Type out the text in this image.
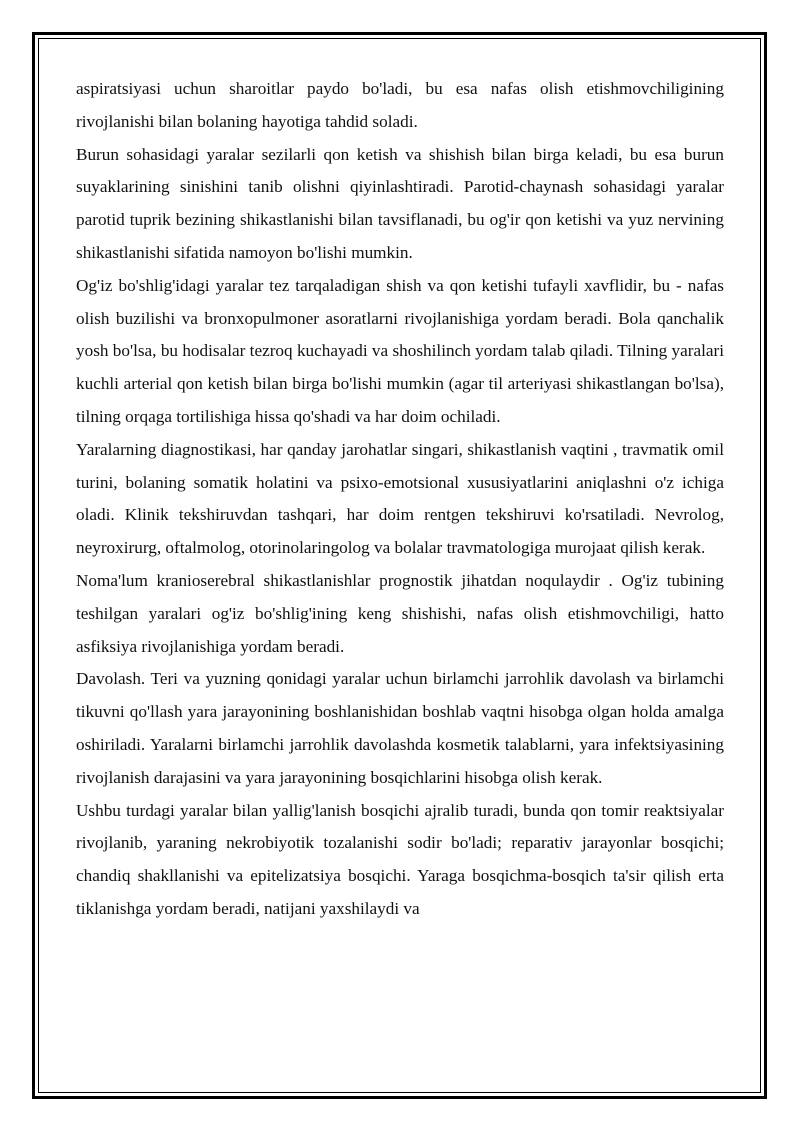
aspiratsiyasi uchun sharoitlar paydo bo'ladi, bu esa nafas olish etishmovchiligining rivojlanishi bilan bolaning hayotiga tahdid soladi.

Burun sohasidagi yaralar sezilarli qon ketish va shishish bilan birga keladi, bu esa burun suyaklarining sinishini tanib olishni qiyinlashtiradi. Parotid-chaynash sohasidagi yaralar parotid tuprik bezining shikastlanishi bilan tavsiflanadi, bu og'ir qon ketishi va yuz nervining shikastlanishi sifatida namoyon bo'lishi mumkin.

Og'iz bo'shlig'idagi yaralar tez tarqaladigan shish va qon ketishi tufayli xavflidir, bu - nafas olish buzilishi va bronxopulmoner asoratlarni rivojlanishiga yordam beradi. Bola qanchalik yosh bo'lsa, bu hodisalar tezroq kuchayadi va shoshilinch yordam talab qiladi. Tilning yaralari kuchli arterial qon ketish bilan birga bo'lishi mumkin (agar til arteriyasi shikastlangan bo'lsa), tilning orqaga tortilishiga hissa qo'shadi va har doim ochiladi.

Yaralarning diagnostikasi, har qanday jarohatlar singari, shikastlanish vaqtini , travmatik omil turini, bolaning somatik holatini va psixo-emotsional xususiyatlarini aniqlashni o'z ichiga oladi. Klinik tekshiruvdan tashqari, har doim rentgen tekshiruvi ko'rsatiladi. Nevrolog, neyroxirurg, oftalmolog, otorinolaringolog va bolalar travmatologiga murojaat qilish kerak.

Noma'lum kranioserebral shikastlanishlar prognostik jihatdan noqulaydir . Og'iz tubining teshilgan yaralari og'iz bo'shlig'ining keng shishishi, nafas olish etishmovchiligi, hatto asfiksiya rivojlanishiga yordam beradi.

Davolash. Teri va yuzning qonidagi yaralar uchun birlamchi jarrohlik davolash va birlamchi tikuvni qo'llash yara jarayonining boshlanishidan boshlab vaqtni hisobga olgan holda amalga oshiriladi. Yaralarni birlamchi jarrohlik davolashda kosmetik talablarni, yara infektsiyasining rivojlanish darajasini va yara jarayonining bosqichlarini hisobga olish kerak.

Ushbu turdagi yaralar bilan yallig'lanish bosqichi ajralib turadi, bunda qon tomir reaktsiyalar rivojlanib, yaraning nekrobiyotik tozalanishi sodir bo'ladi; reparativ jarayonlar bosqichi; chandiq shakllanishi va epitelizatsiya bosqichi. Yaraga bosqichma-bosqich ta'sir qilish erta tiklanishga yordam beradi, natijani yaxshilaydi va
